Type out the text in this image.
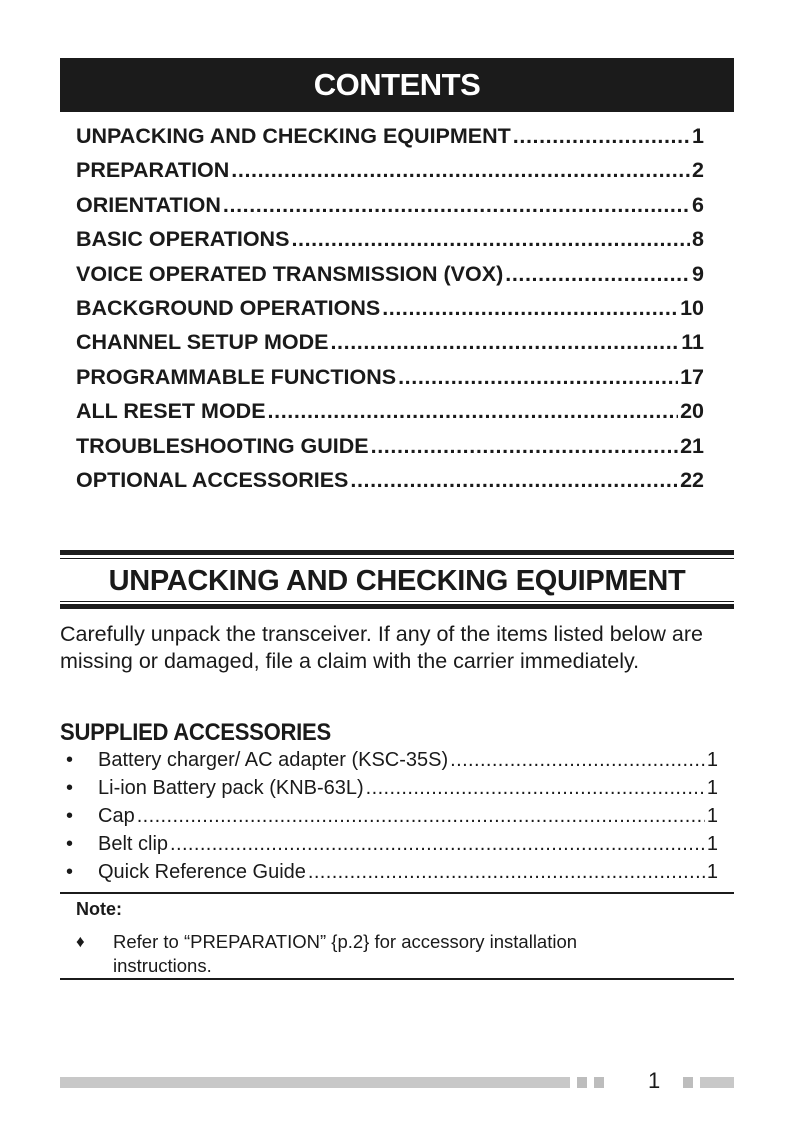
CONTENTS
UNPACKING AND CHECKING EQUIPMENT .....	1
PREPARATION .....	2
ORIENTATION .....	6
BASIC OPERATIONS .....	8
VOICE OPERATED TRANSMISSION (VOX) .....	9
BACKGROUND OPERATIONS .....	10
CHANNEL SETUP MODE .....	11
PROGRAMMABLE FUNCTIONS .....	17
ALL RESET MODE .....	20
TROUBLESHOOTING GUIDE .....	21
OPTIONAL ACCESSORIES .....	22
UNPACKING AND CHECKING EQUIPMENT
Carefully unpack the transceiver. If any of the items listed below are missing or damaged, file a claim with the carrier immediately.
SUPPLIED ACCESSORIES
•	Battery charger/ AC adapter (KSC-35S) .....	1
•	Li-ion Battery pack (KNB-63L) .....	1
•	Cap .....	1
•	Belt clip .....	1
•	Quick Reference Guide .....	1
Note:
♦	Refer to “PREPARATION” {p.2} for accessory installation instructions.
1
